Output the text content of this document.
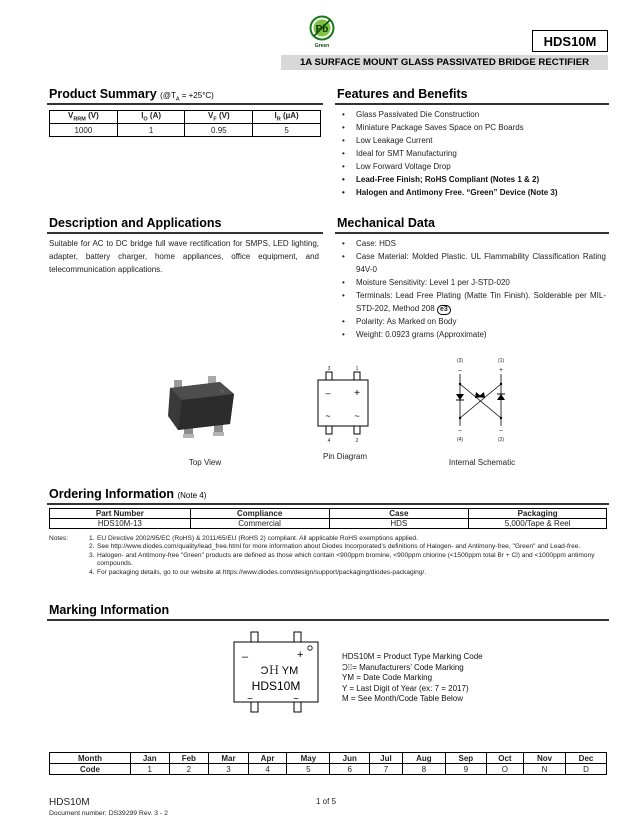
Pb
Green	HDS10M
1A SURFACE MOUNT GLASS PASSIVATED BRIDGE RECTIFIER
Product Summary $(@T_A = +25^\circ C)$
$V_{RRM}$ (V)	$I_O$ (A)	$V_F$ (V)	$I_R$ (µA)
1000	1	0.95	5
Features and Benefits
• Glass Passivated Die Construction
• Miniature Package Saves Space on PC Boards
• Low Leakage Current
• Ideal for SMT Manufacturing
• Low Forward Voltage Drop
• Lead-Free Finish; RoHS Compliant (Notes 1 & 2)
• Halogen and Antimony Free. “Green” Device (Note 3)
Description and Applications
Suitable for AC to DC bridge full wave rectification for SMPS, LED lighting, adapter, battery charger, home appliances, office equipment, and telecommunication applications.
Mechanical Data
• Case: HDS
• Case Material: Molded Plastic. UL Flammability Classification Rating 94V-0
• Moisture Sensitivity: Level 1 per J-STD-020
• Terminals: Lead Free Plating (Matte Tin Finish). Solderable per MIL-STD-202, Method 208 e3
• Polarity: As Marked on Body
• Weight: 0.0923 grams (Approximate)
Top View
3	1
– +
~	~
4	2
Pin Diagram
(3)	(1)
–	+
~	~
(4)	(2)
Internal Schematic
Ordering Information (Note 4)
Part Number	Compliance	Case	Packaging
HDS10M-13	Commercial	HDS	5,000/Tape & Reel
Notes:	1. EU Directive 2002/95/EC (RoHS) & 2011/65/EU (RoHS 2) compliant. All applicable RoHS exemptions applied.
2. See http://www.diodes.com/quality/lead_free.html for more information about Diodes Incorporated’s definitions of Halogen- and Antimony-free, "Green" and Lead-free.
3. Halogen- and Antimony-free "Green" products are defined as those which contain <900ppm bromine, <900ppm chlorine (<1500ppm total Br + Cl) and <1000ppm antimony compounds.
4. For packaging details, go to our website at https://www.diodes.com/design/support/packaging/diodes-packaging/.
Marking Information
–	+
ϽＨ YM
HDS10M
~	~
HDS10M = Product Type Marking Code
Ͻ⁞⁞= Manufacturers’ Code Marking
YM = Date Code Marking
Y = Last Digit of Year (ex: 7 = 2017)
M = See Month/Code Table Below
Month	Jan	Feb	Mar	Apr	May	Jun	Jul	Aug	Sep	Oct	Nov	Dec
Code	1	2	3	4	5	6	7	8	9	O	N	D
HDS10M
Document number: DS39299 Rev. 3 - 2
1 of 5
